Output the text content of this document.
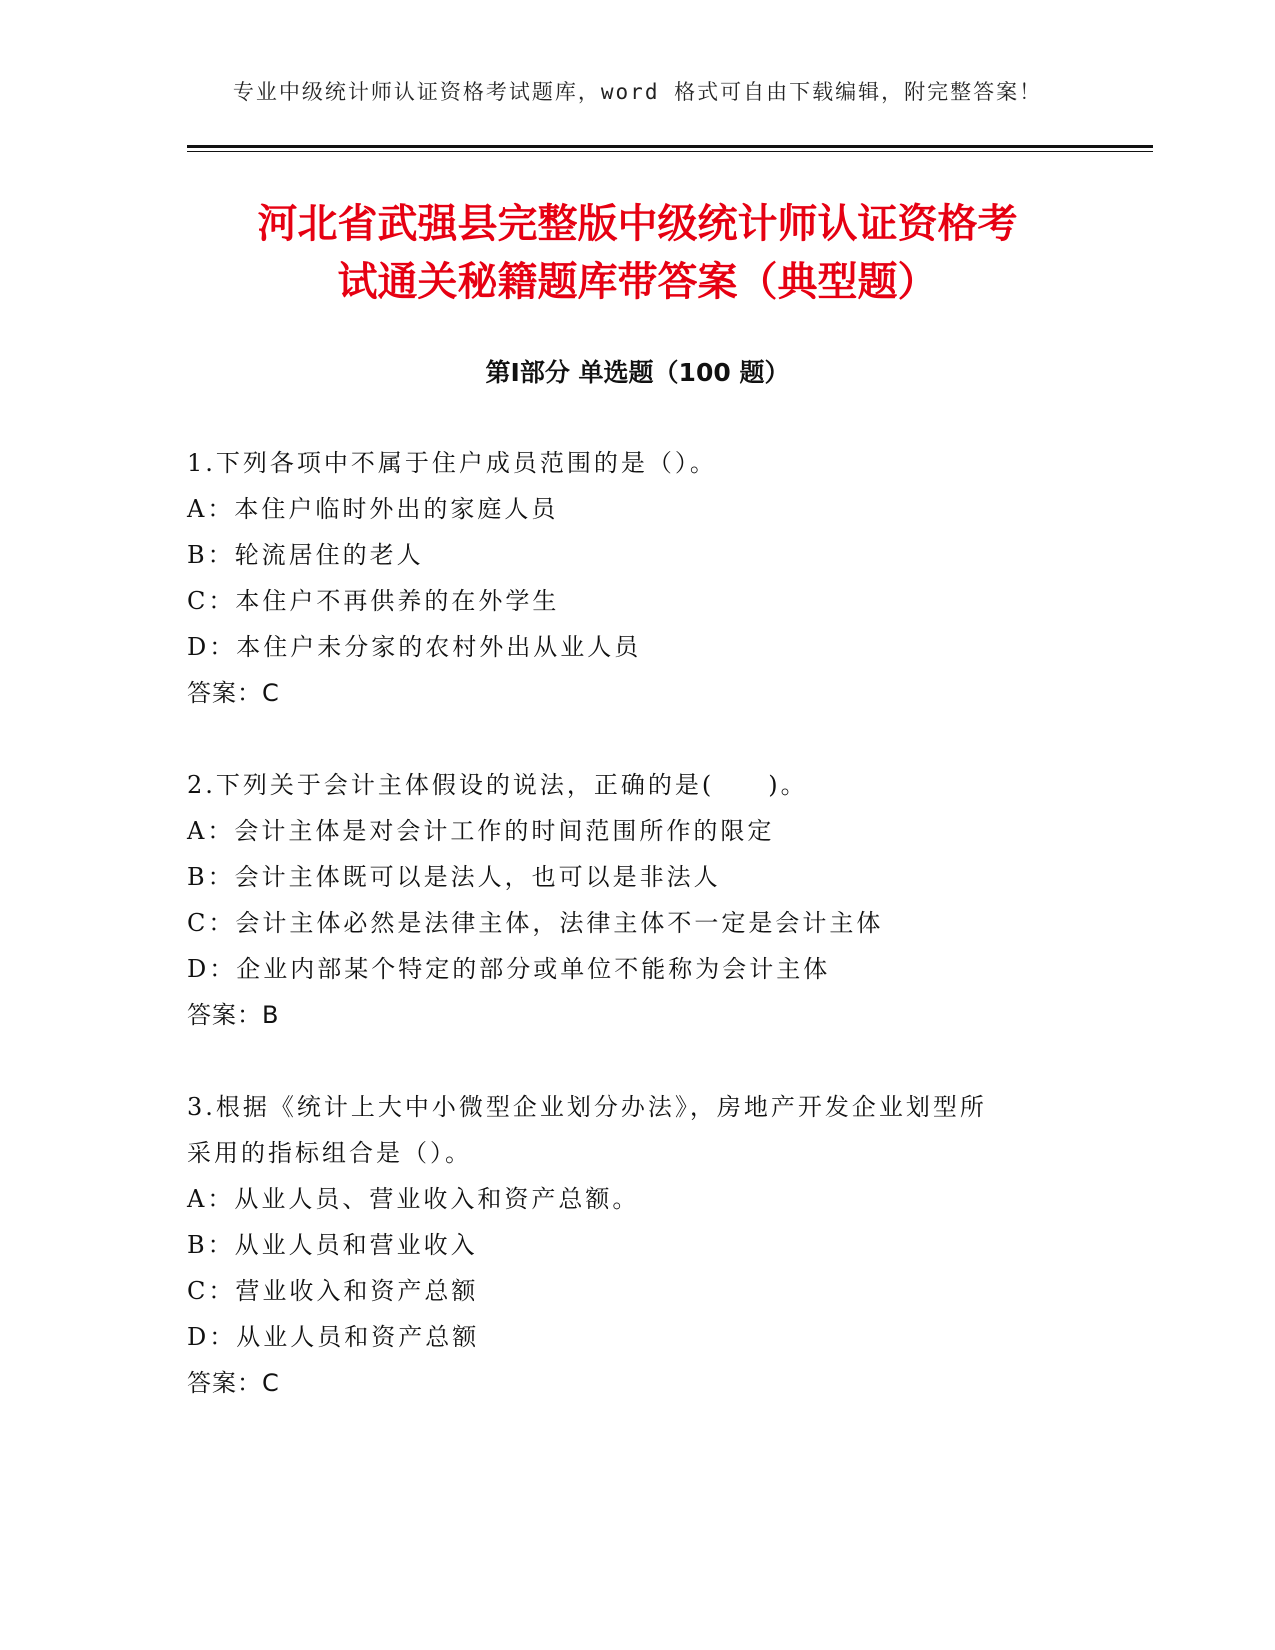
专业中级统计师认证资格考试题库，word 格式可自由下载编辑，附完整答案！
河北省武强县完整版中级统计师认证资格考
试通关秘籍题库带答案（典型题）
第Ⅰ部分 单选题（100 题）
1.下列各项中不属于住户成员范围的是（）。
A：本住户临时外出的家庭人员
B：轮流居住的老人
C：本住户不再供养的在外学生
D：本住户未分家的农村外出从业人员
答案：C
2.下列关于会计主体假设的说法，正确的是(　　)。
A：会计主体是对会计工作的时间范围所作的限定
B：会计主体既可以是法人，也可以是非法人
C：会计主体必然是法律主体，法律主体不一定是会计主体
D：企业内部某个特定的部分或单位不能称为会计主体
答案：B
3.根据《统计上大中小微型企业划分办法》，房地产开发企业划型所
采用的指标组合是（）。
A：从业人员、营业收入和资产总额。
B：从业人员和营业收入
C：营业收入和资产总额
D：从业人员和资产总额
答案：C
